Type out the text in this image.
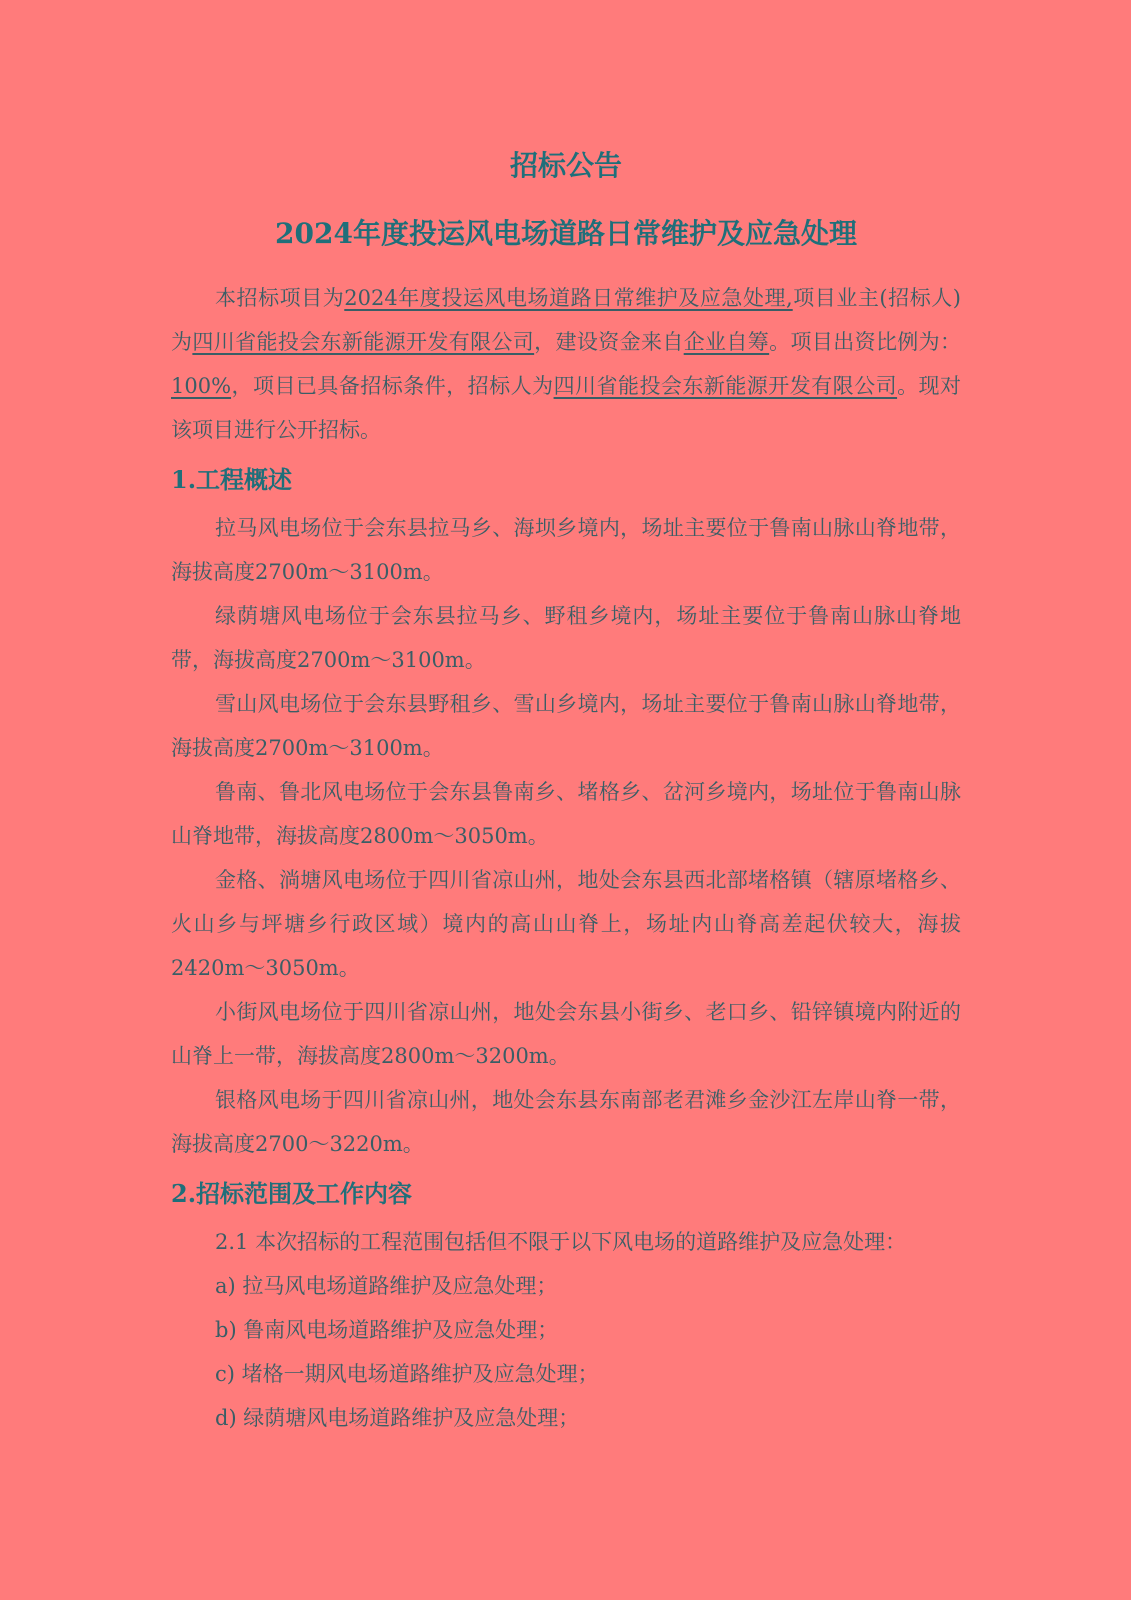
招标公告
2024年度投运风电场道路日常维护及应急处理

本招标项目为2024年度投运风电场道路日常维护及应急处理,项目业主(招标人)为四川省能投会东新能源开发有限公司，建设资金来自企业自筹。项目出资比例为：100%，项目已具备招标条件，招标人为四川省能投会东新能源开发有限公司。现对该项目进行公开招标。

1.工程概述

拉马风电场位于会东县拉马乡、海坝乡境内，场址主要位于鲁南山脉山脊地带，海拔高度2700m～3100m。

绿荫塘风电场位于会东县拉马乡、野租乡境内，场址主要位于鲁南山脉山脊地带，海拔高度2700m～3100m。

雪山风电场位于会东县野租乡、雪山乡境内，场址主要位于鲁南山脉山脊地带，海拔高度2700m～3100m。

鲁南、鲁北风电场位于会东县鲁南乡、堵格乡、岔河乡境内，场址位于鲁南山脉山脊地带，海拔高度2800m～3050m。

金格、淌塘风电场位于四川省凉山州，地处会东县西北部堵格镇（辖原堵格乡、火山乡与坪塘乡行政区域）境内的高山山脊上，场址内山脊高差起伏较大，海拔2420m～3050m。

小街风电场位于四川省凉山州，地处会东县小街乡、老口乡、铅锌镇境内附近的山脊上一带，海拔高度2800m～3200m。

银格风电场于四川省凉山州，地处会东县东南部老君滩乡金沙江左岸山脊一带，海拔高度2700～3220m。

2.招标范围及工作内容

2.1 本次招标的工程范围包括但不限于以下风电场的道路维护及应急处理：

a) 拉马风电场道路维护及应急处理；

b) 鲁南风电场道路维护及应急处理；

c) 堵格一期风电场道路维护及应急处理；

d) 绿荫塘风电场道路维护及应急处理；
